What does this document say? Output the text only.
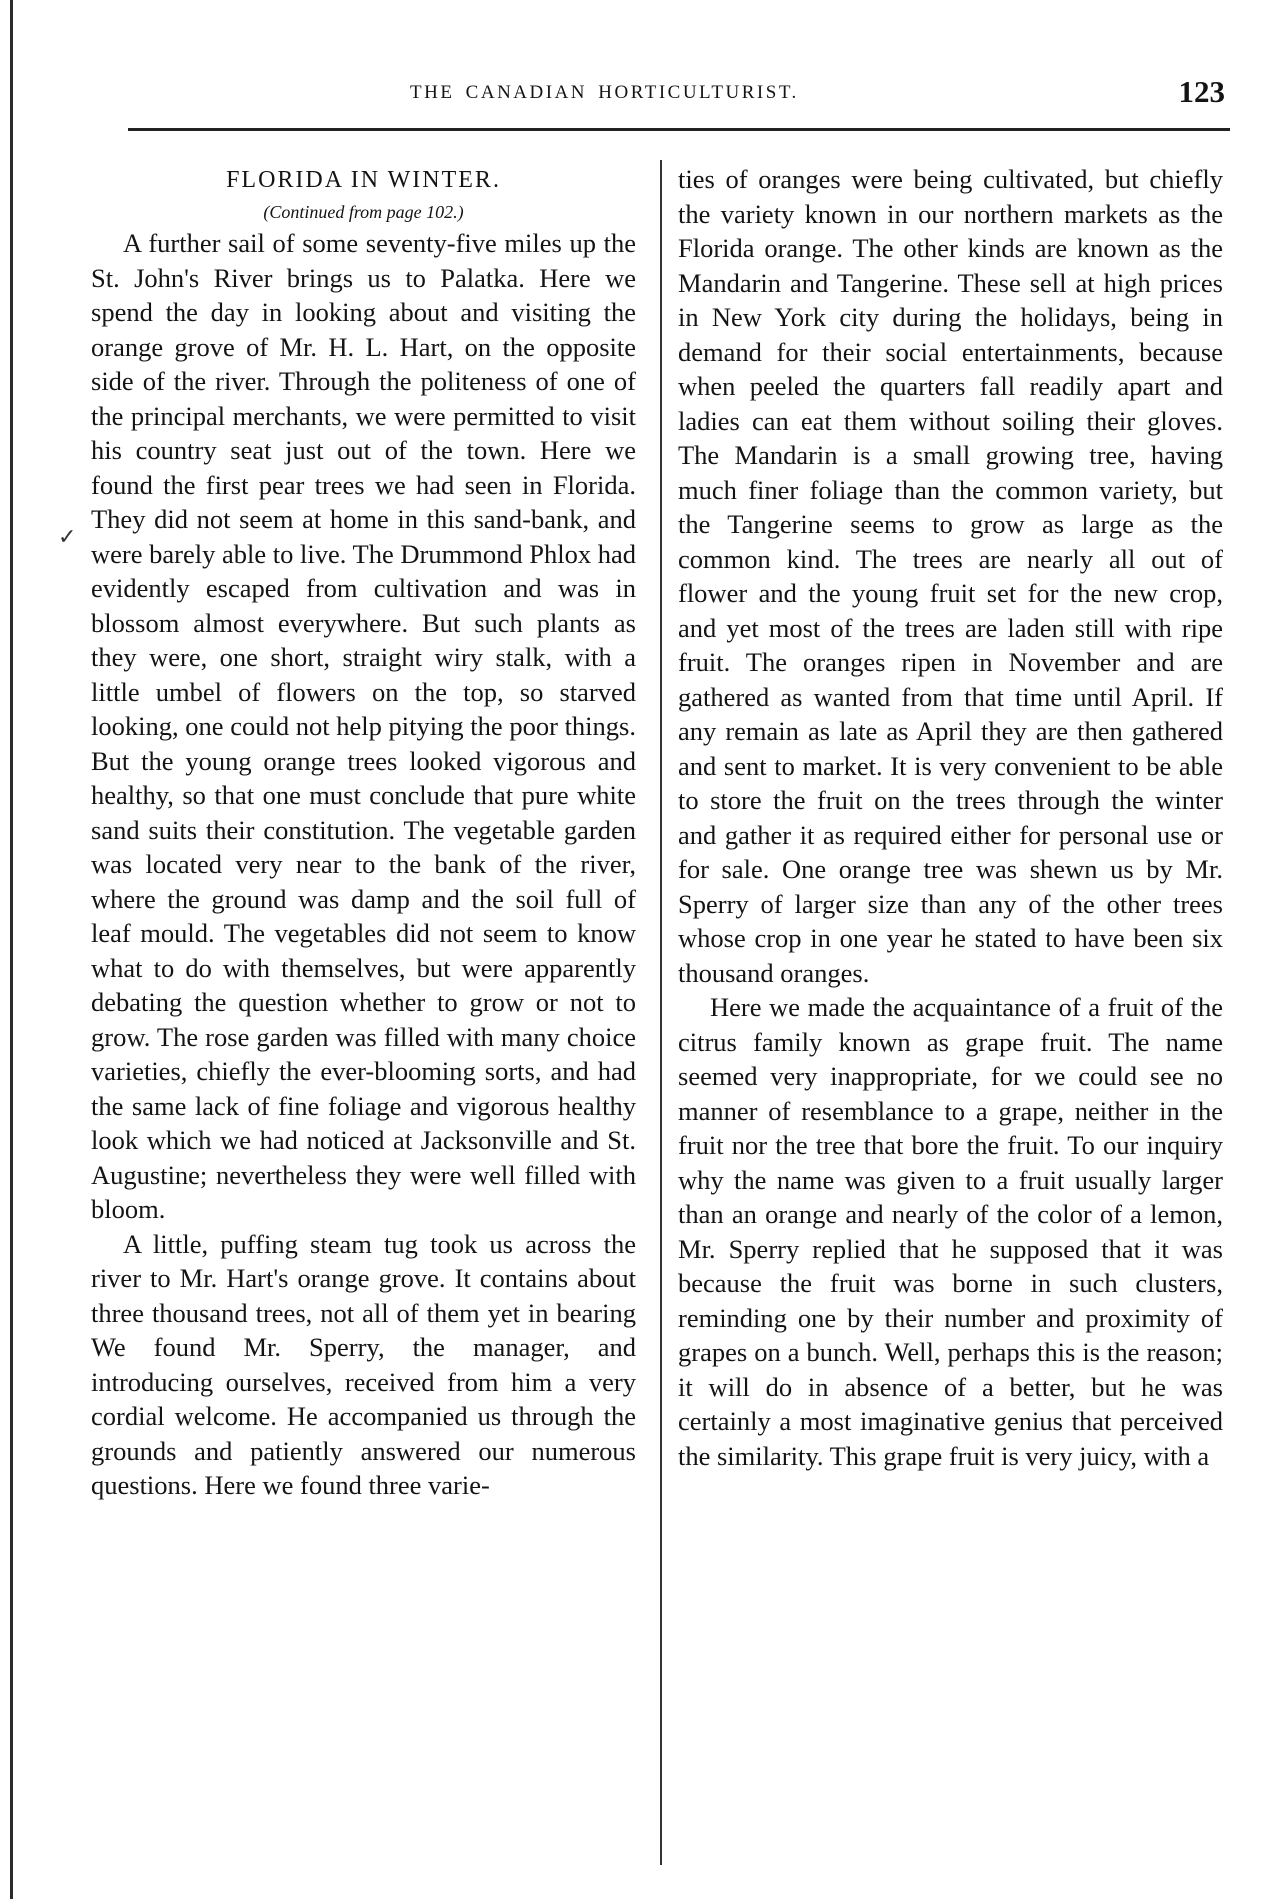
THE CANADIAN HORTICULTURIST.	123
✓
FLORIDA IN WINTER.
(Continued from page 102.)

A further sail of some seventy-five miles up the St. John's River brings us to Palatka. Here we spend the day in looking about and visiting the orange grove of Mr. H. L. Hart, on the opposite side of the river. Through the politeness of one of the principal merchants, we were permitted to visit his country seat just out of the town. Here we found the first pear trees we had seen in Florida. They did not seem at home in this sand-bank, and were barely able to live. The Drummond Phlox had evidently escaped from cultivation and was in blossom almost everywhere. But such plants as they were, one short, straight wiry stalk, with a little umbel of flowers on the top, so starved looking, one could not help pitying the poor things. But the young orange trees looked vigorous and healthy, so that one must conclude that pure white sand suits their constitution. The vegetable garden was located very near to the bank of the river, where the ground was damp and the soil full of leaf mould. The vegetables did not seem to know what to do with themselves, but were apparently debating the question whether to grow or not to grow. The rose garden was filled with many choice varieties, chiefly the ever-blooming sorts, and had the same lack of fine foliage and vigorous healthy look which we had noticed at Jacksonville and St. Augustine; nevertheless they were well filled with bloom.

A little, puffing steam tug took us across the river to Mr. Hart's orange grove. It contains about three thousand trees, not all of them yet in bearing We found Mr. Sperry, the manager, and introducing ourselves, received from him a very cordial welcome. He accompanied us through the grounds and patiently answered our numerous questions. Here we found three varie-

ties of oranges were being cultivated, but chiefly the variety known in our northern markets as the Florida orange. The other kinds are known as the Mandarin and Tangerine. These sell at high prices in New York city during the holidays, being in demand for their social entertainments, because when peeled the quarters fall readily apart and ladies can eat them without soiling their gloves. The Mandarin is a small growing tree, having much finer foliage than the common variety, but the Tangerine seems to grow as large as the common kind. The trees are nearly all out of flower and the young fruit set for the new crop, and yet most of the trees are laden still with ripe fruit. The oranges ripen in November and are gathered as wanted from that time until April. If any remain as late as April they are then gathered and sent to market. It is very convenient to be able to store the fruit on the trees through the winter and gather it as required either for personal use or for sale. One orange tree was shewn us by Mr. Sperry of larger size than any of the other trees whose crop in one year he stated to have been six thousand oranges.

Here we made the acquaintance of a fruit of the citrus family known as grape fruit. The name seemed very inappropriate, for we could see no manner of resemblance to a grape, neither in the fruit nor the tree that bore the fruit. To our inquiry why the name was given to a fruit usually larger than an orange and nearly of the color of a lemon, Mr. Sperry replied that he supposed that it was because the fruit was borne in such clusters, reminding one by their number and proximity of grapes on a bunch. Well, perhaps this is the reason; it will do in absence of a better, but he was certainly a most imaginative genius that perceived the similarity. This grape fruit is very juicy, with a
